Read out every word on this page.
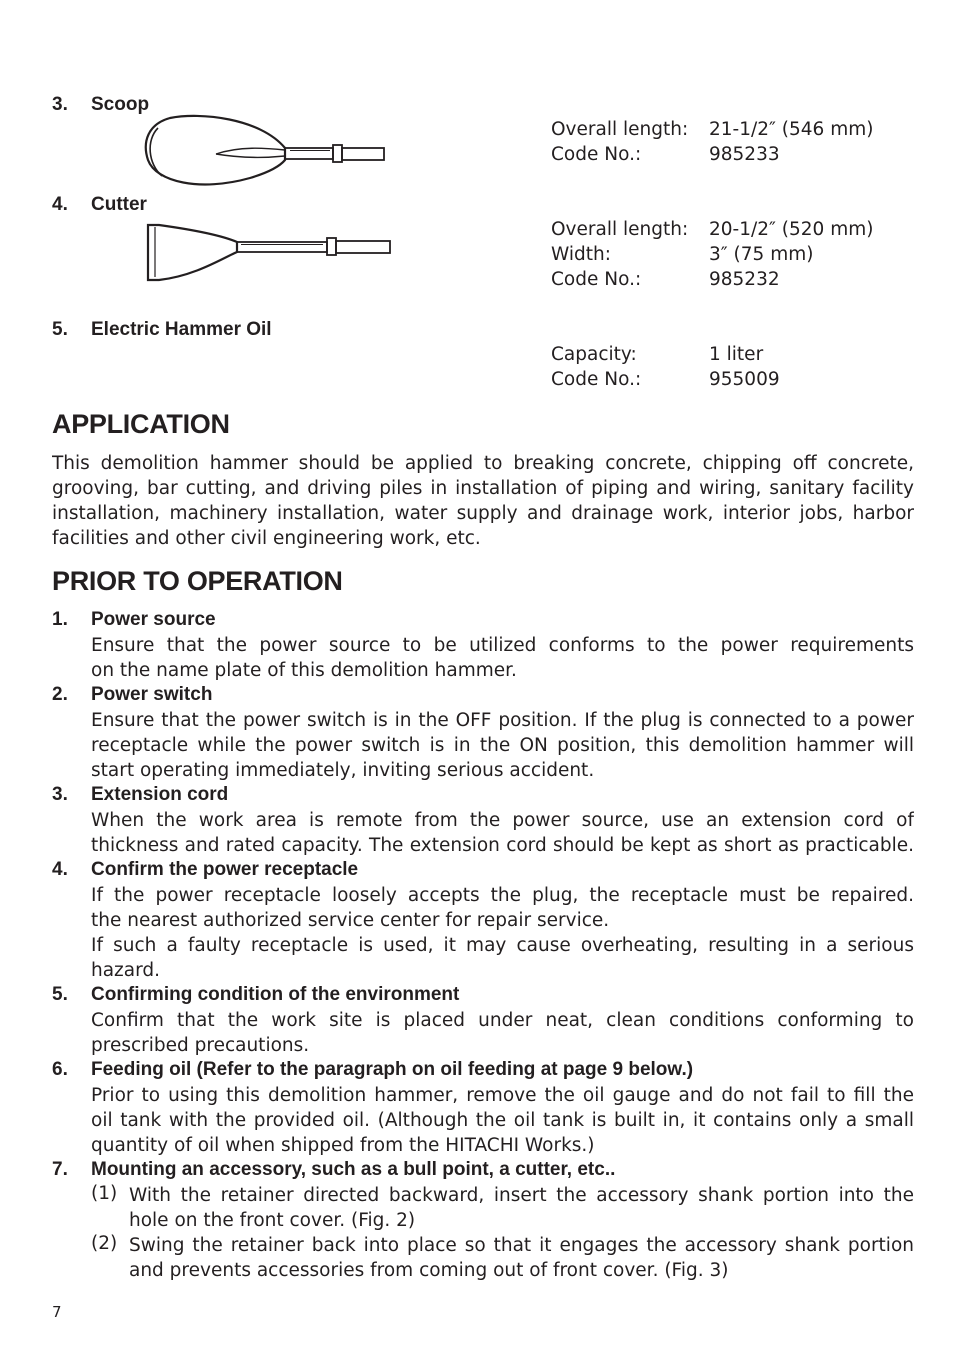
3. Scoop
Overall length: 21-1/2″ (546 mm)
Code No.:	985233
4. Cutter
Overall length: 20-1/2″ (520 mm)
Width:	3″ (75 mm)
Code No.:	985232
5. Electric Hammer Oil
Capacity:	1 liter
Code No.:	955009
APPLICATION
This demolition hammer should be applied to breaking concrete, chipping off concrete,
grooving, bar cutting, and driving piles in installation of piping and wiring, sanitary facility
installation, machinery installation, water supply and drainage work, interior jobs, harbor
facilities and other civil engineering work, etc.
PRIOR TO OPERATION
1. Power source
Ensure that the power source to be utilized conforms to the power requirements
on the name plate of this demolition hammer.
2. Power switch
Ensure that the power switch is in the OFF position. If the plug is connected to a power
receptacle while the power switch is in the ON position, this demolition hammer will
start operating immediately, inviting serious accident.
3. Extension cord
When the work area is remote from the power source, use an extension cord of
thickness and rated capacity. The extension cord should be kept as short as practicable.
4. Confirm the power receptacle
If the power receptacle loosely accepts the plug, the receptacle must be repaired.
the nearest authorized service center for repair service.
If such a faulty receptacle is used, it may cause overheating, resulting in a serious
hazard.
5. Confirming condition of the environment
Confirm that the work site is placed under neat, clean conditions conforming to
prescribed precautions.
6. Feeding oil (Refer to the paragraph on oil feeding at page 9 below.)
Prior to using this demolition hammer, remove the oil gauge and do not fail to fill the
oil tank with the provided oil. (Although the oil tank is built in, it contains only a small
quantity of oil when shipped from the HITACHI Works.)
7. Mounting an accessory, such as a bull point, a cutter, etc..
(1) With the retainer directed backward, insert the accessory shank portion into the
hole on the front cover. (Fig. 2)
(2) Swing the retainer back into place so that it engages the accessory shank portion
and prevents accessories from coming out of front cover. (Fig. 3)
7
